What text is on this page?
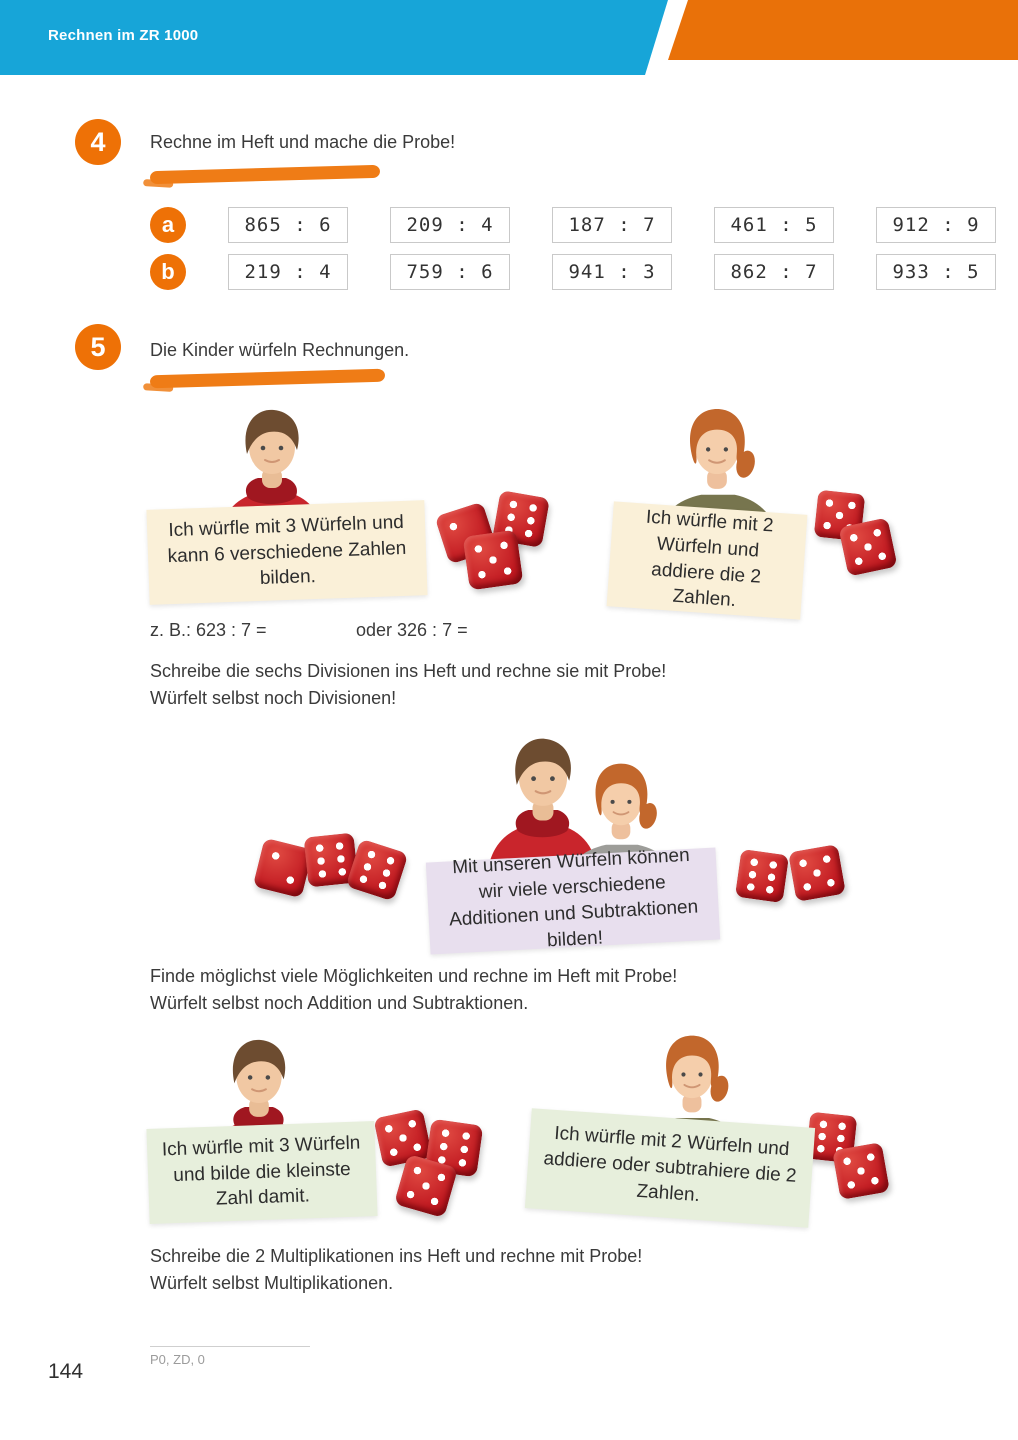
Rechnen im ZR 1000
4	Rechne im Heft und mache die Probe!
a	865 : 6	209 : 4	187 : 7	461 : 5	912 : 9
b	219 : 4	759 : 6	941 : 3	862 : 7	933 : 5
5	Die Kinder würfeln Rechnungen.
Ich würfle mit 3 Würfeln und kann 6 verschiedene Zahlen bilden.
Ich würfle mit 2 Würfeln und addiere die 2 Zahlen.
z. B.: 623 : 7 =	oder 326 : 7 =
Schreibe die sechs Divisionen ins Heft und rechne sie mit Probe!
Würfelt selbst noch Divisionen!
Mit unseren Würfeln können wir viele verschiedene Additionen und Subtraktionen bilden!
Finde möglichst viele Möglichkeiten und rechne im Heft mit Probe!
Würfelt selbst noch Addition und Subtraktionen.
Ich würfle mit 3 Würfeln und bilde die kleinste Zahl damit.
Ich würfle mit 2 Würfeln und addiere oder subtrahiere die 2 Zahlen.
Schreibe die 2 Multiplikationen ins Heft und rechne mit Probe!
Würfelt selbst Multiplikationen.
P0, ZD, 0
144
